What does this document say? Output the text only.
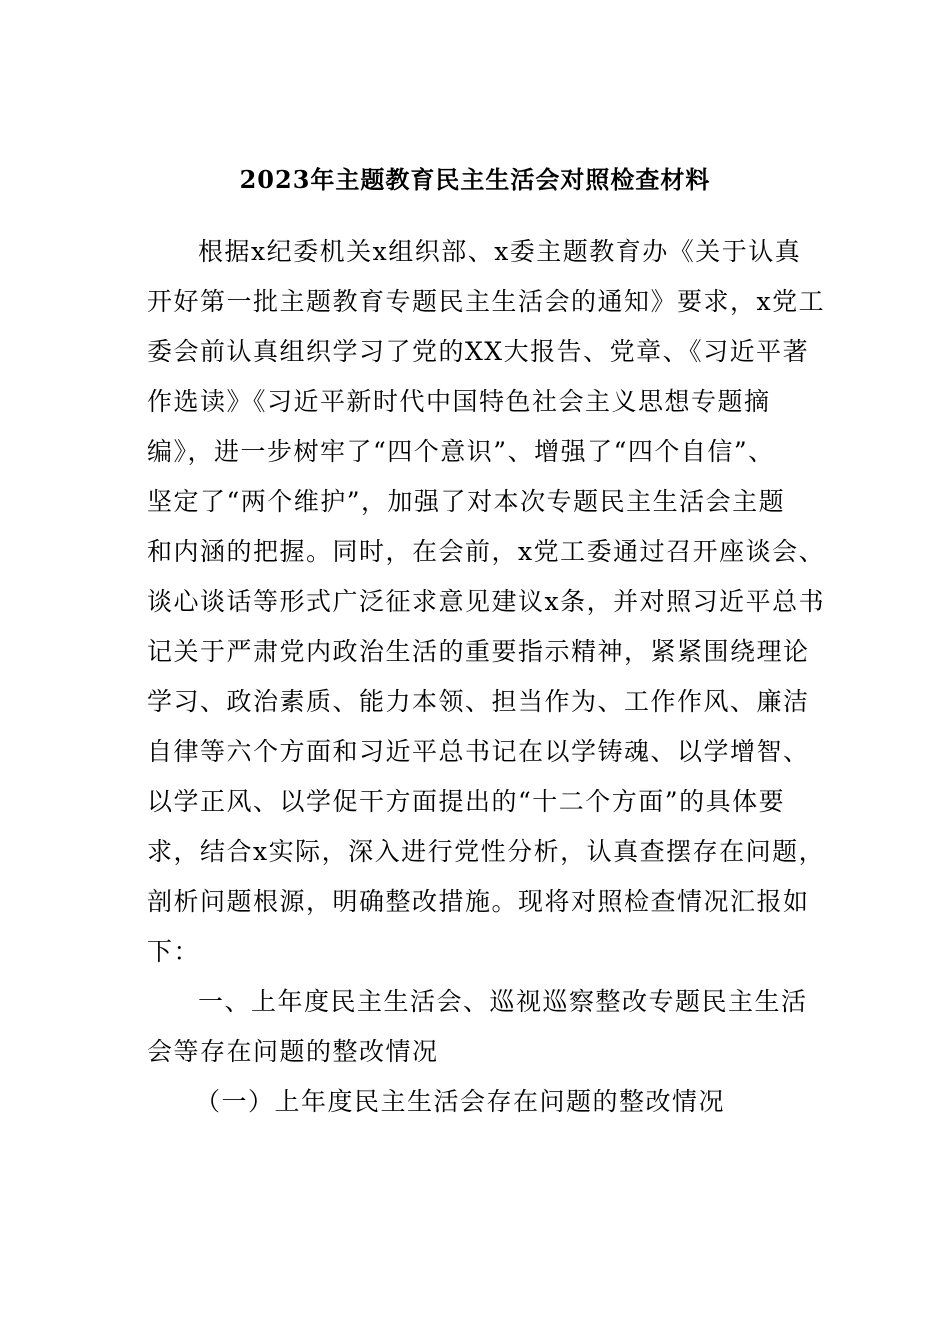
2023年主题教育民主生活会对照检查材料
根据x纪委机关x组织部、x委主题教育办《关于认真
开好第一批主题教育专题民主生活会的通知》要求，x党工
委会前认真组织学习了党的XX大报告、党章、《习近平著
作选读》《习近平新时代中国特色社会主义思想专题摘
编》，进一步树牢了“四个意识”、增强了“四个自信”、
坚定了“两个维护”，加强了对本次专题民主生活会主题
和内涵的把握。同时，在会前，x党工委通过召开座谈会、
谈心谈话等形式广泛征求意见建议x条，并对照习近平总书
记关于严肃党内政治生活的重要指示精神，紧紧围绕理论
学习、政治素质、能力本领、担当作为、工作作风、廉洁
自律等六个方面和习近平总书记在以学铸魂、以学增智、
以学正风、以学促干方面提出的“十二个方面”的具体要
求，结合x实际，深入进行党性分析，认真查摆存在问题，
剖析问题根源，明确整改措施。现将对照检查情况汇报如
下：
一、上年度民主生活会、巡视巡察整改专题民主生活
会等存在问题的整改情况
（一）上年度民主生活会存在问题的整改情况
